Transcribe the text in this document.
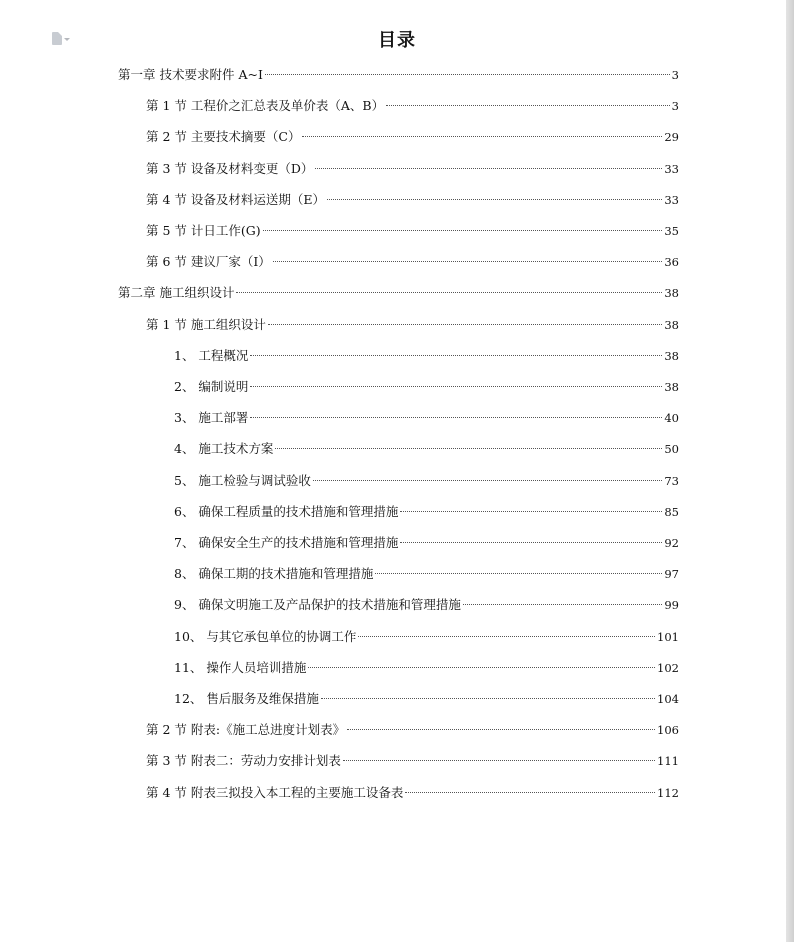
目录
第一章 技术要求附件 A~I	3
第 1 节 工程价之汇总表及单价表（A、B）	3
第 2 节 主要技术摘要（C）	29
第 3 节 设备及材料变更（D）	33
第 4 节 设备及材料运送期（E）	33
第 5 节 计日工作(G)	35
第 6 节 建议厂家（I）	36
第二章 施工组织设计	38
第 1 节 施工组织设计	38
1、 工程概况	38
2、 编制说明	38
3、 施工部署	40
4、 施工技术方案	50
5、 施工检验与调试验收	73
6、 确保工程质量的技术措施和管理措施	85
7、 确保安全生产的技术措施和管理措施	92
8、 确保工期的技术措施和管理措施	97
9、 确保文明施工及产品保护的技术措施和管理措施	99
10、 与其它承包单位的协调工作	101
11、 操作人员培训措施	102
12、 售后服务及维保措施	104
第 2 节 附表:《施工总进度计划表》	106
第 3 节 附表二：劳动力安排计划表	111
第 4 节 附表三拟投入本工程的主要施工设备表	112
